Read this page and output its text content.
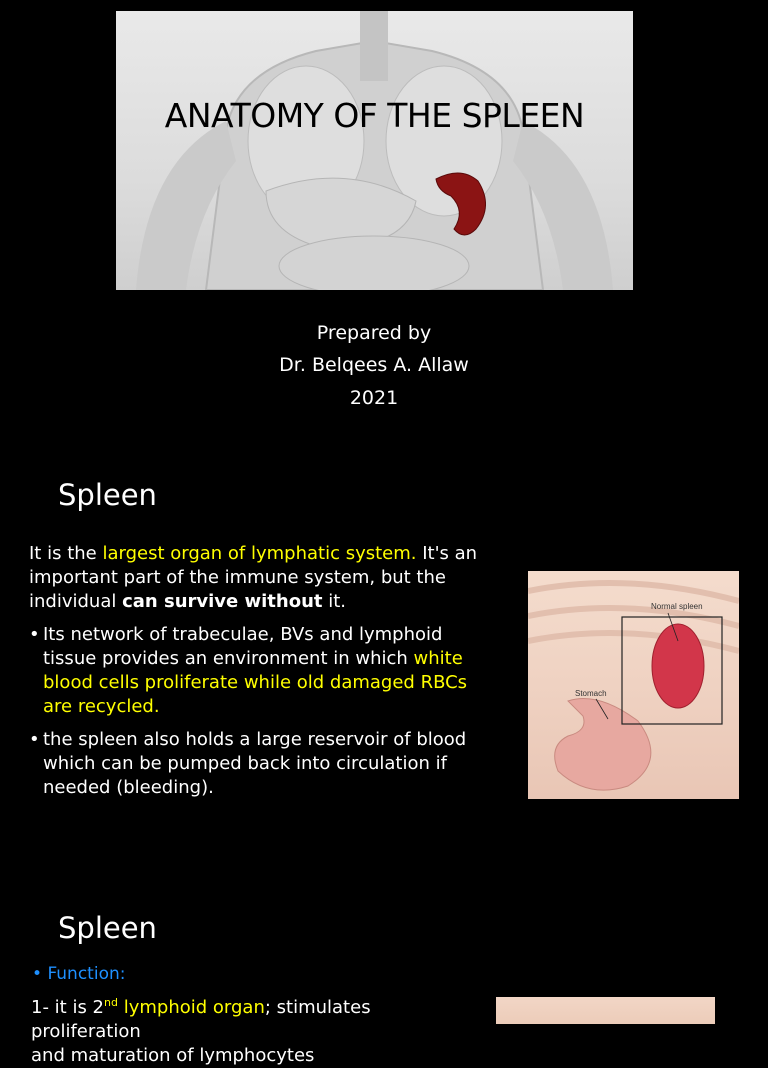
ANATOMY OF THE SPLEEN
Prepared by
Dr. Belqees A. Allaw
2021
Spleen
It is the largest organ of lymphatic system. It's an important part of the immune system, but the individual can survive without it.
• Its network of trabeculae, BVs and lymphoid tissue provides an environment in which white blood cells proliferate while old damaged RBCs are recycled.
• the spleen also holds a large reservoir of blood which can be pumped back into circulation if needed (bleeding).
Normal spleen
Stomach
Spleen
• Function:
1- it is 2nd lymphoid organ; stimulates proliferation
and maturation of lymphocytes
